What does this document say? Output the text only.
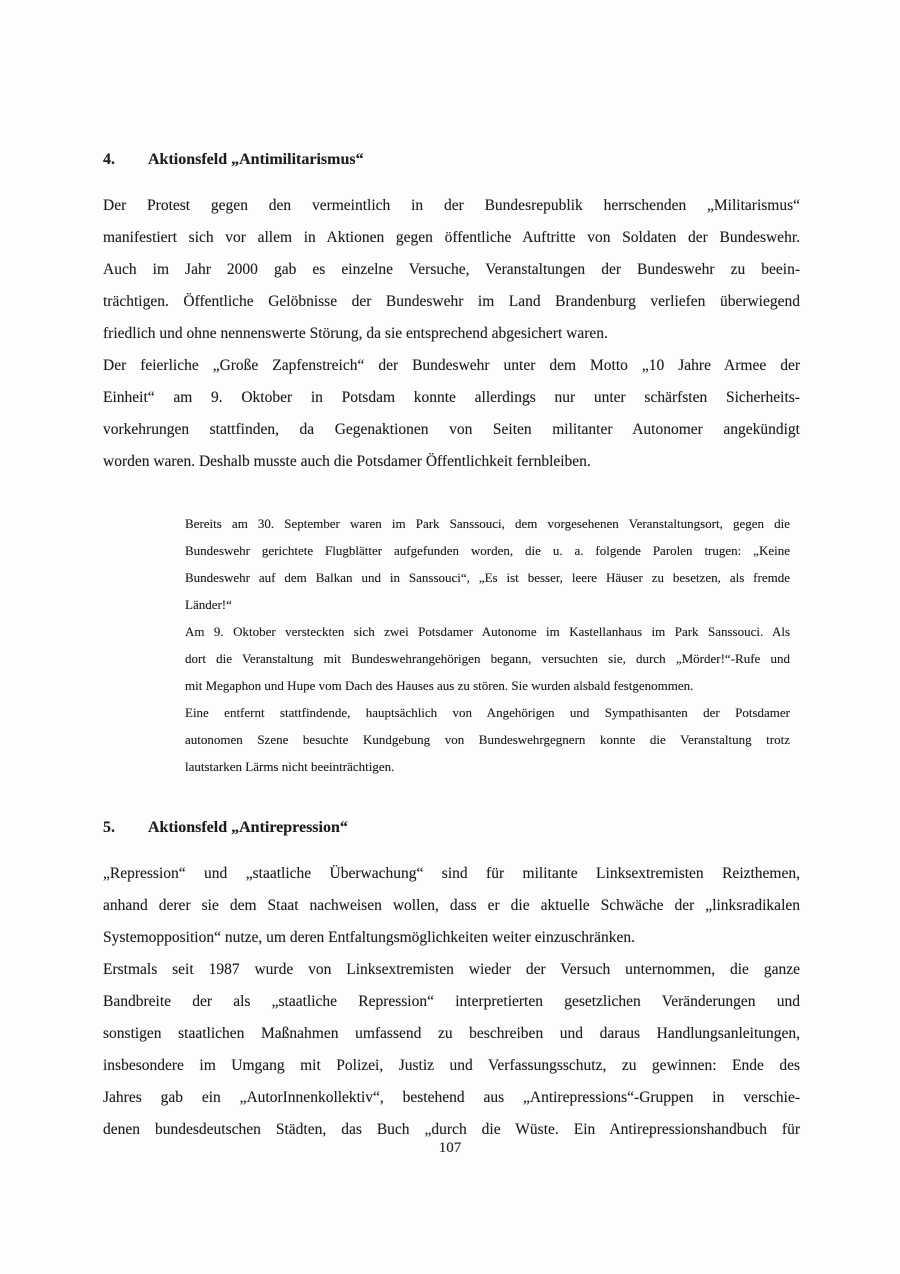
4.	Aktionsfeld „Antimilitarismus“
Der Protest gegen den vermeintlich in der Bundesrepublik herrschenden „Militarismus“
manifestiert sich vor allem in Aktionen gegen öffentliche Auftritte von Soldaten der Bundeswehr.
Auch im Jahr 2000 gab es einzelne Versuche, Veranstaltungen der Bundeswehr zu beein-
trächtigen. Öffentliche Gelöbnisse der Bundeswehr im Land Brandenburg verliefen überwiegend
friedlich und ohne nennenswerte Störung, da sie entsprechend abgesichert waren.
Der feierliche „Große Zapfenstreich“ der Bundeswehr unter dem Motto „10 Jahre Armee der
Einheit“ am 9. Oktober in Potsdam konnte allerdings nur unter schärfsten Sicherheits-
vorkehrungen stattfinden, da Gegenaktionen von Seiten militanter Autonomer angekündigt
worden waren. Deshalb musste auch die Potsdamer Öffentlichkeit fernbleiben.
Bereits am 30. September waren im Park Sanssouci, dem vorgesehenen Veranstaltungsort, gegen die
Bundeswehr gerichtete Flugblätter aufgefunden worden, die u. a. folgende Parolen trugen: „Keine
Bundeswehr auf dem Balkan und in Sanssouci“, „Es ist besser, leere Häuser zu besetzen, als fremde
Länder!“
Am 9. Oktober versteckten sich zwei Potsdamer Autonome im Kastellanhaus im Park Sanssouci. Als
dort die Veranstaltung mit Bundeswehrangehörigen begann, versuchten sie, durch „Mörder!“-Rufe und
mit Megaphon und Hupe vom Dach des Hauses aus zu stören. Sie wurden alsbald festgenommen.
Eine entfernt stattfindende, hauptsächlich von Angehörigen und Sympathisanten der Potsdamer
autonomen Szene besuchte Kundgebung von Bundeswehrgegnern konnte die Veranstaltung trotz
lautstarken Lärms nicht beeinträchtigen.
5.	Aktionsfeld „Antirepression“
„Repression“ und „staatliche Überwachung“ sind für militante Linksextremisten Reizthemen,
anhand derer sie dem Staat nachweisen wollen, dass er die aktuelle Schwäche der „linksradikalen
Systemopposition“ nutze, um deren Entfaltungsmöglichkeiten weiter einzuschränken.
Erstmals seit 1987 wurde von Linksextremisten wieder der Versuch unternommen, die ganze
Bandbreite der als „staatliche Repression“ interpretierten gesetzlichen Veränderungen und
sonstigen staatlichen Maßnahmen umfassend zu beschreiben und daraus Handlungsanleitungen,
insbesondere im Umgang mit Polizei, Justiz und Verfassungsschutz, zu gewinnen: Ende des
Jahres gab ein „AutorInnenkollektiv“, bestehend aus „Antirepressions“-Gruppen in verschie-
denen bundesdeutschen Städten, das Buch „durch die Wüste. Ein Antirepressionshandbuch für
107
